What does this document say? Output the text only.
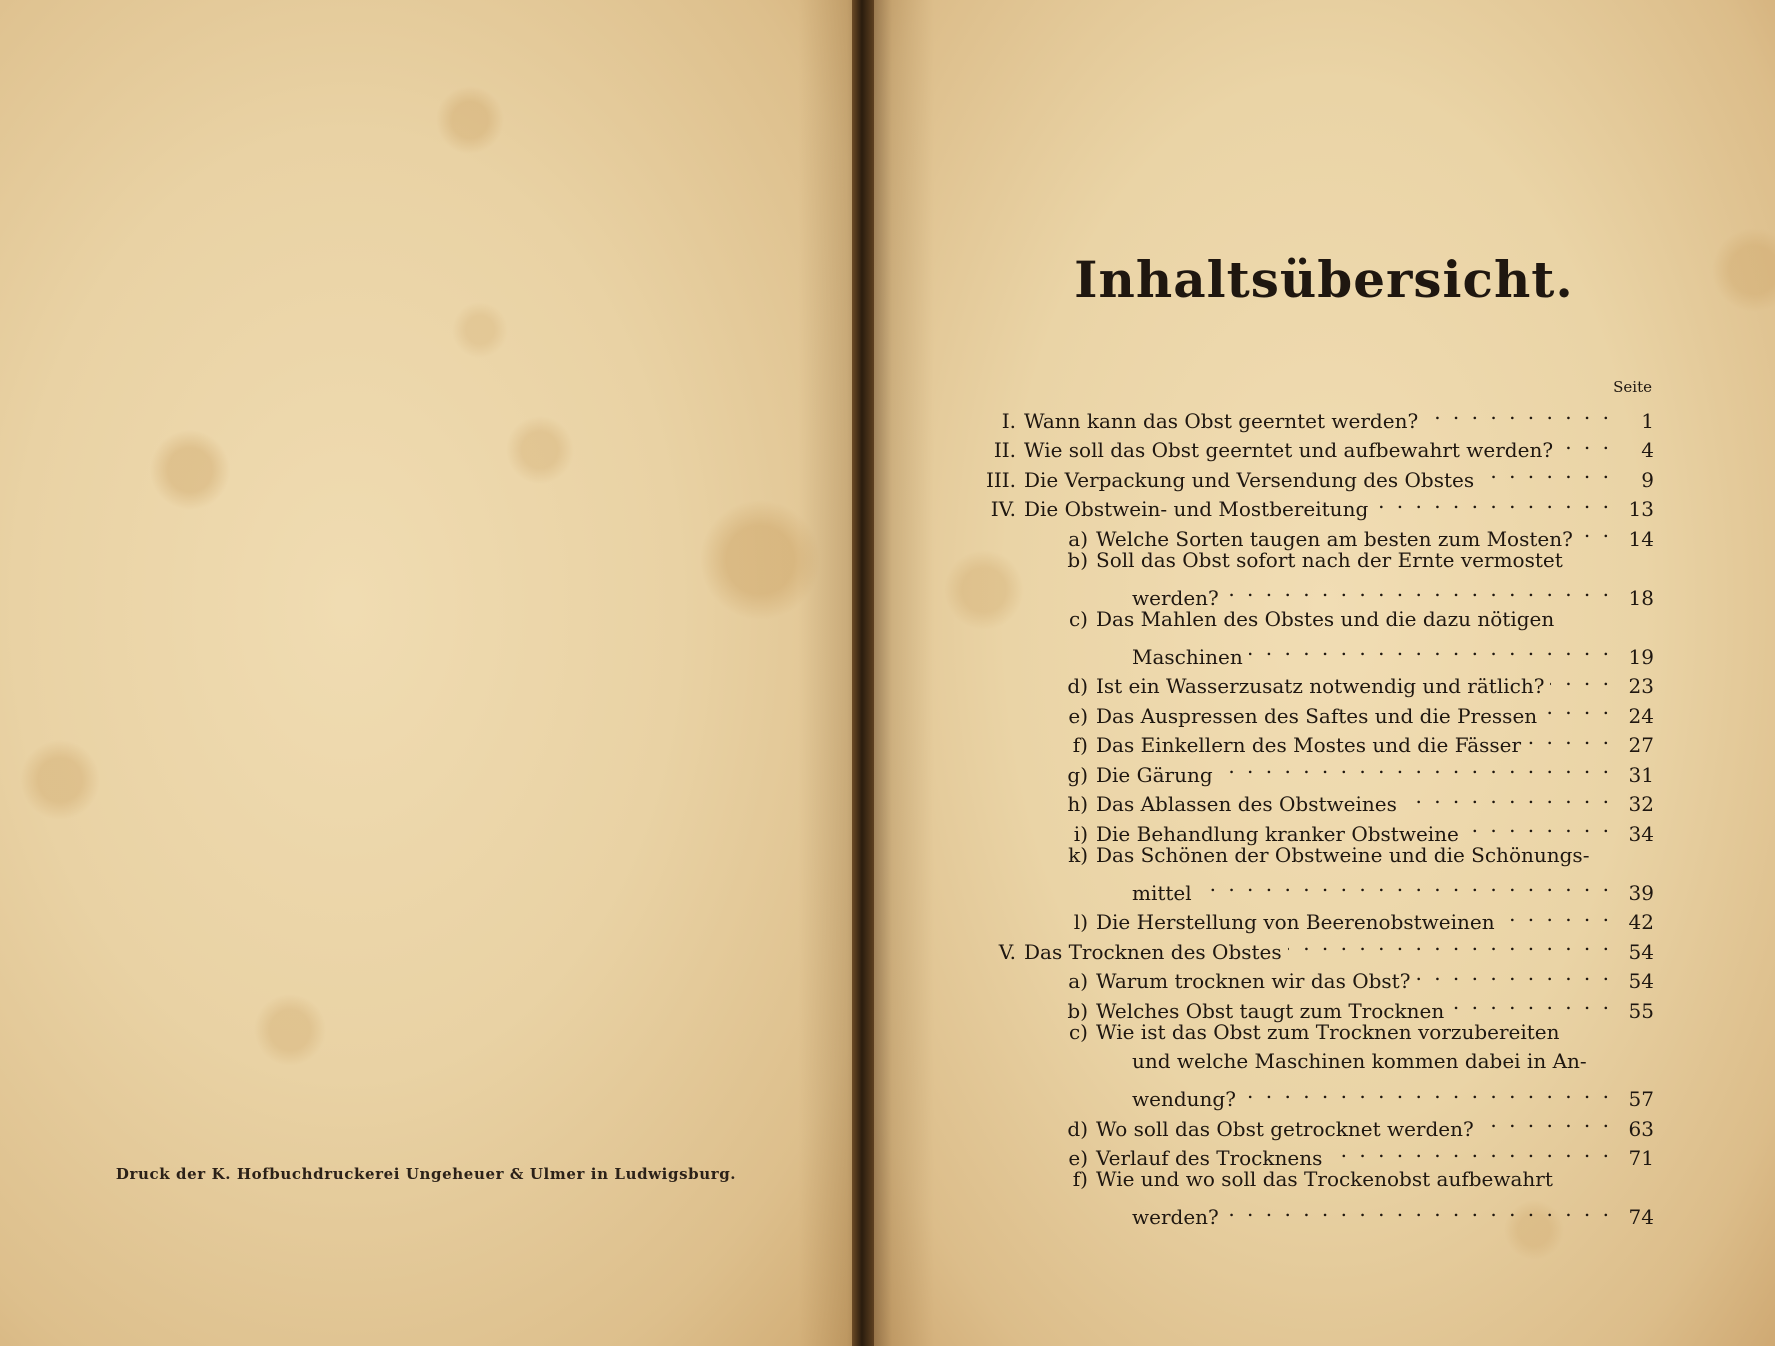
Druck der K. Hofbuchdruckerei Ungeheuer & Ulmer in Ludwigsburg.
Inhaltsübersicht.
Seite
I. Wann kann das Obst geerntet werden? . . .	1
II. Wie soll das Obst geerntet und aufbewahrt werden? . . .	4
III. Die Verpackung und Versendung des Obstes . . .	9
IV. Die Obstwein- und Mostbereitung . . .	13
a) Welche Sorten taugen am besten zum Mosten? . . .	14
b) Soll das Obst sofort nach der Ernte vermostet
werden? . . .	18
c) Das Mahlen des Obstes und die dazu nötigen
Maschinen . . .	19
d) Ist ein Wasserzusatz notwendig und rätlich? . . .	23
e) Das Auspressen des Saftes und die Pressen . . .	24
f) Das Einkellern des Mostes und die Fässer . . .	27
g) Die Gärung . . .	31
h) Das Ablassen des Obstweines . . .	32
i) Die Behandlung kranker Obstweine . . .	34
k) Das Schönen der Obstweine und die Schönungs-
mittel . . .	39
l) Die Herstellung von Beerenobstweinen . . .	42
V. Das Trocknen des Obstes . . .	54
a) Warum trocknen wir das Obst? . . .	54
b) Welches Obst taugt zum Trocknen . . .	55
c) Wie ist das Obst zum Trocknen vorzubereiten
und welche Maschinen kommen dabei in An-
wendung? . . .	57
d) Wo soll das Obst getrocknet werden? . . .	63
e) Verlauf des Trocknens . . .	71
f) Wie und wo soll das Trockenobst aufbewahrt
werden? . . .	74
